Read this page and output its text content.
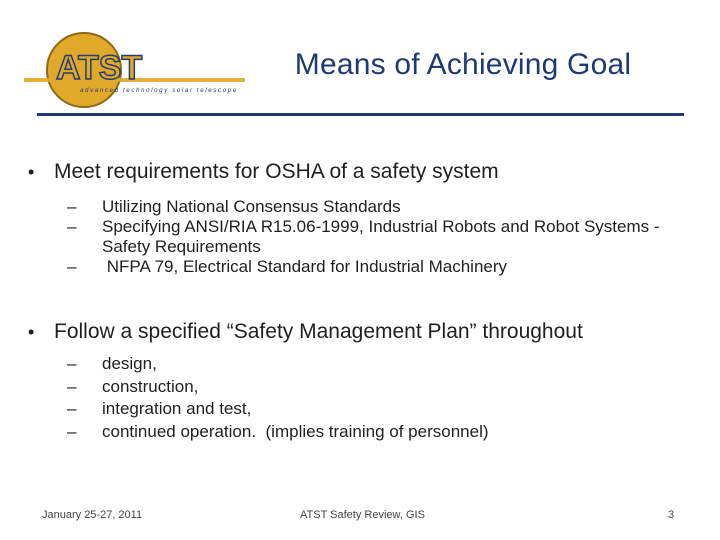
ATST
advanced technology solar telescope
Means of Achieving Goal
• Meet requirements for OSHA of a safety system
–	Utilizing National Consensus Standards
–	Specifying ANSI/RIA R15.06-1999, Industrial Robots and Robot Systems - Safety Requirements
–	NFPA 79, Electrical Standard for Industrial Machinery
• Follow a specified “Safety Management Plan” throughout
–	design,
–	construction,
–	integration and test,
–	continued operation.  (implies training of personnel)
January 25-27, 2011	ATST Safety Review, GIS	3
